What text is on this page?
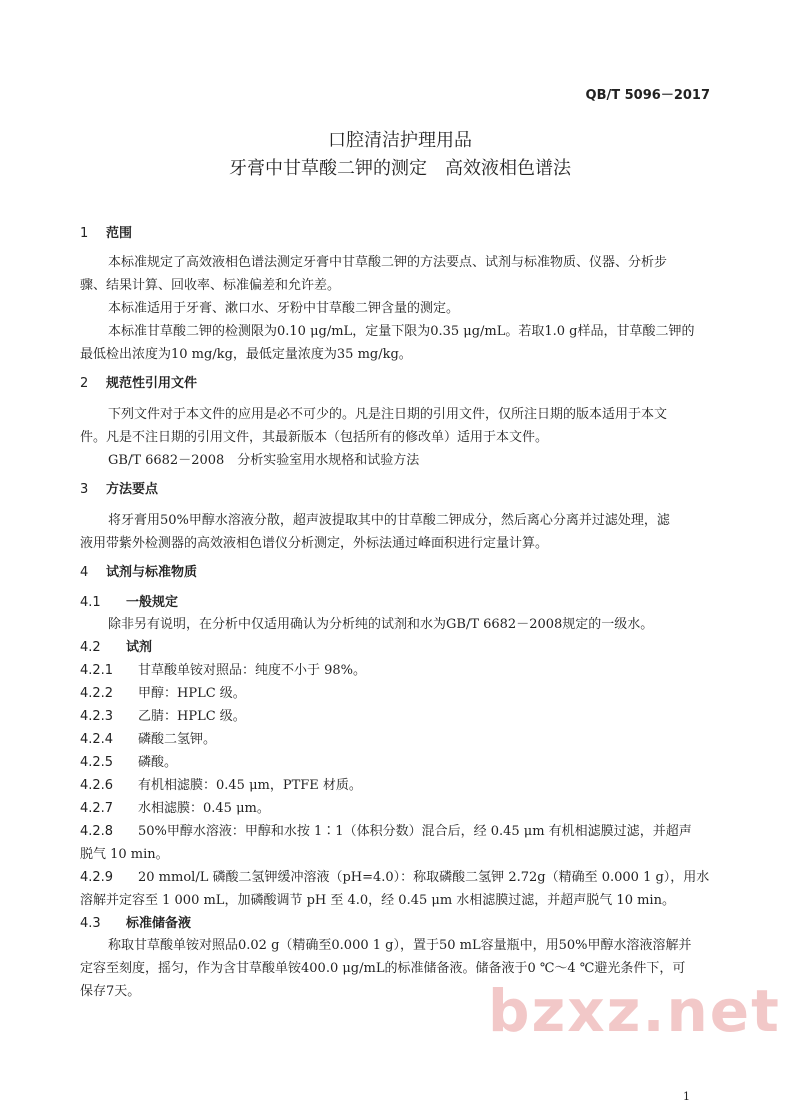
QB/T 5096－2017
口腔清洁护理用品
牙膏中甘草酸二钾的测定　高效液相色谱法
1 范围
本标准规定了高效液相色谱法测定牙膏中甘草酸二钾的方法要点、试剂与标准物质、仪器、分析步
骤、结果计算、回收率、标准偏差和允许差。
本标准适用于牙膏、漱口水、牙粉中甘草酸二钾含量的测定。
本标准甘草酸二钾的检测限为0.10 μg/mL，定量下限为0.35 μg/mL。若取1.0 g样品，甘草酸二钾的
最低检出浓度为10 mg/kg，最低定量浓度为35 mg/kg。
2 规范性引用文件
下列文件对于本文件的应用是必不可少的。凡是注日期的引用文件，仅所注日期的版本适用于本文
件。凡是不注日期的引用文件，其最新版本（包括所有的修改单）适用于本文件。
GB/T 6682－2008　分析实验室用水规格和试验方法
3 方法要点
将牙膏用50%甲醇水溶液分散，超声波提取其中的甘草酸二钾成分，然后离心分离并过滤处理，滤
液用带紫外检测器的高效液相色谱仪分析测定，外标法通过峰面积进行定量计算。
4 试剂与标准物质
4.1 一般规定
除非另有说明，在分析中仅适用确认为分析纯的试剂和水为GB/T 6682－2008规定的一级水。
4.2 试剂
4.2.1 甘草酸单铵对照品：纯度不小于 98%。
4.2.2 甲醇：HPLC 级。
4.2.3 乙腈：HPLC 级。
4.2.4 磷酸二氢钾。
4.2.5 磷酸。
4.2.6 有机相滤膜：0.45 μm，PTFE 材质。
4.2.7 水相滤膜：0.45 μm。
4.2.8 50%甲醇水溶液：甲醇和水按 1∶1（体积分数）混合后，经 0.45 μm 有机相滤膜过滤，并超声
脱气 10 min。
4.2.9 20 mmol/L 磷酸二氢钾缓冲溶液（pH=4.0）：称取磷酸二氢钾 2.72g（精确至 0.000 1 g），用水
溶解并定容至 1 000 mL，加磷酸调节 pH 至 4.0，经 0.45 μm 水相滤膜过滤，并超声脱气 10 min。
4.3 标准储备液
称取甘草酸单铵对照品0.02 g（精确至0.000 1 g），置于50 mL容量瓶中，用50%甲醇水溶液溶解并
定容至刻度，摇匀，作为含甘草酸单铵400.0 μg/mL的标准储备液。储备液于0 ℃～4 ℃避光条件下，可
保存7天。	bzxz.net
1
